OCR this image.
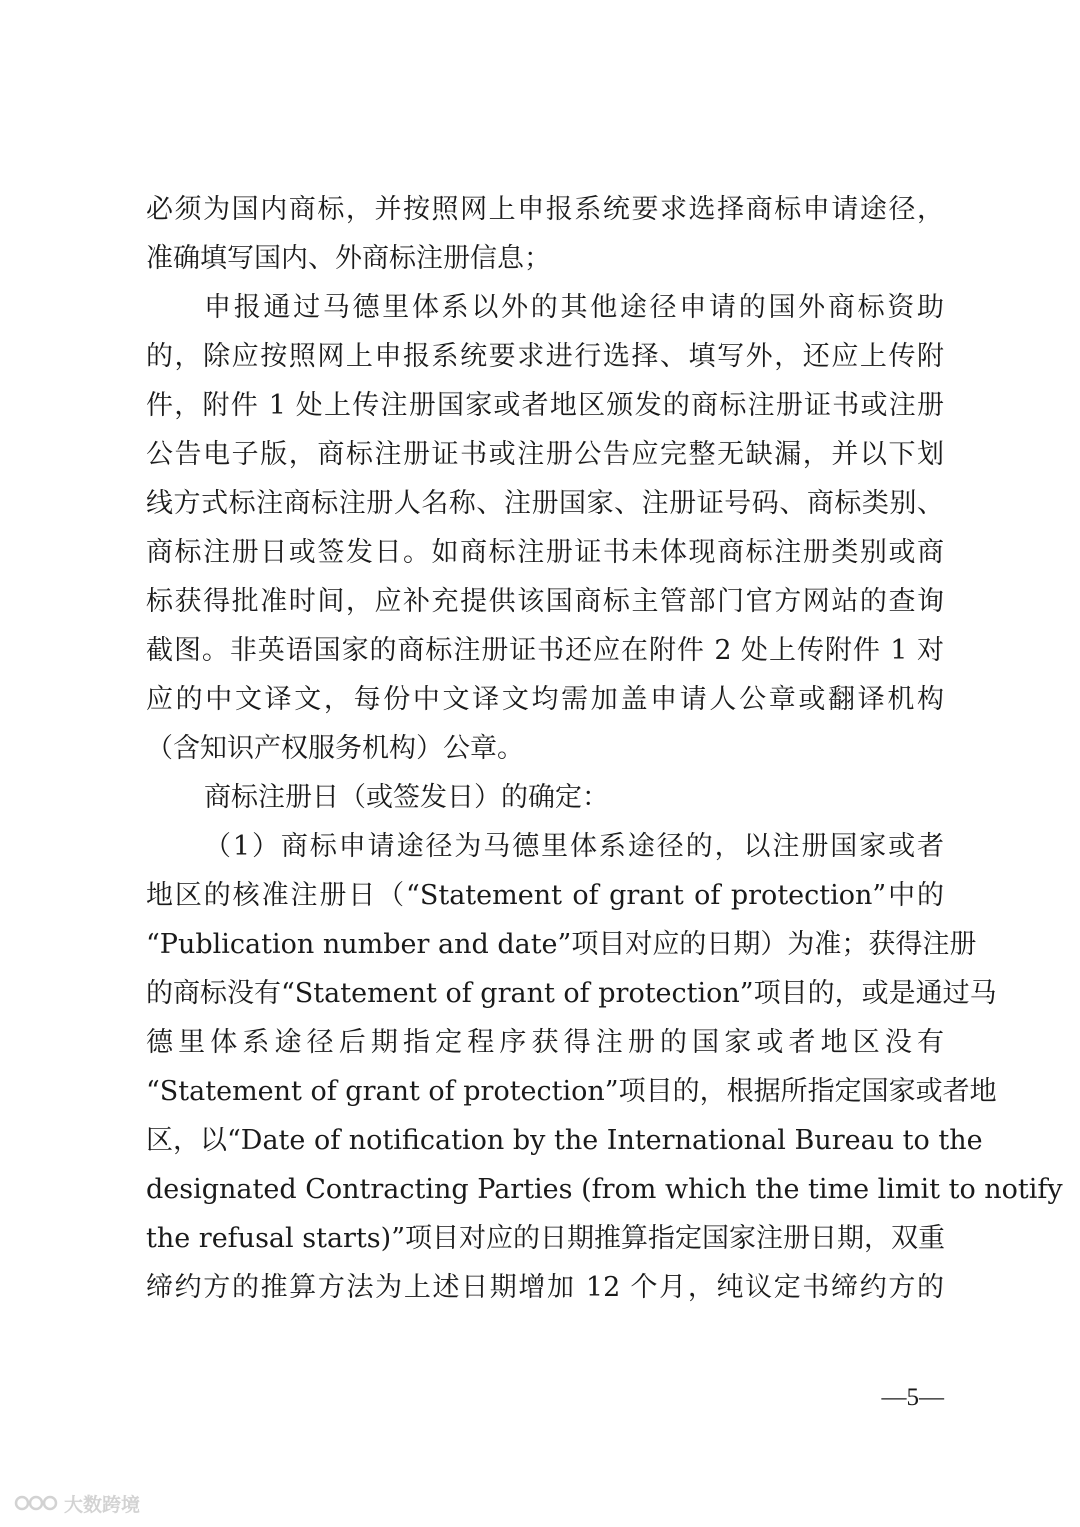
必须为国内商标，并按照网上申报系统要求选择商标申请途径，
准确填写国内、外商标注册信息；
申报通过马德里体系以外的其他途径申请的国外商标资助
的，除应按照网上申报系统要求进行选择、填写外，还应上传附
件，附件 1 处上传注册国家或者地区颁发的商标注册证书或注册
公告电子版，商标注册证书或注册公告应完整无缺漏，并以下划
线方式标注商标注册人名称、注册国家、注册证号码、商标类别、
商标注册日或签发日。如商标注册证书未体现商标注册类别或商
标获得批准时间，应补充提供该国商标主管部门官方网站的查询
截图。非英语国家的商标注册证书还应在附件 2 处上传附件 1 对
应的中文译文，每份中文译文均需加盖申请人公章或翻译机构
（含知识产权服务机构）公章。
商标注册日（或签发日）的确定：
（1）商标申请途径为马德里体系途径的，以注册国家或者
地区的核准注册日（“Statement of grant of protection”中的
“Publication number and date”项目对应的日期）为准；获得注册
的商标没有“Statement of grant of protection”项目的，或是通过马
德里体系途径后期指定程序获得注册的国家或者地区没有
“Statement of grant of protection”项目的，根据所指定国家或者地
区，以“Date of notification by the International Bureau to the
designated Contracting Parties (from which the time limit to notify
the refusal starts)”项目对应的日期推算指定国家注册日期，双重
缔约方的推算方法为上述日期增加 12 个月，纯议定书缔约方的
—5—
大数跨境
